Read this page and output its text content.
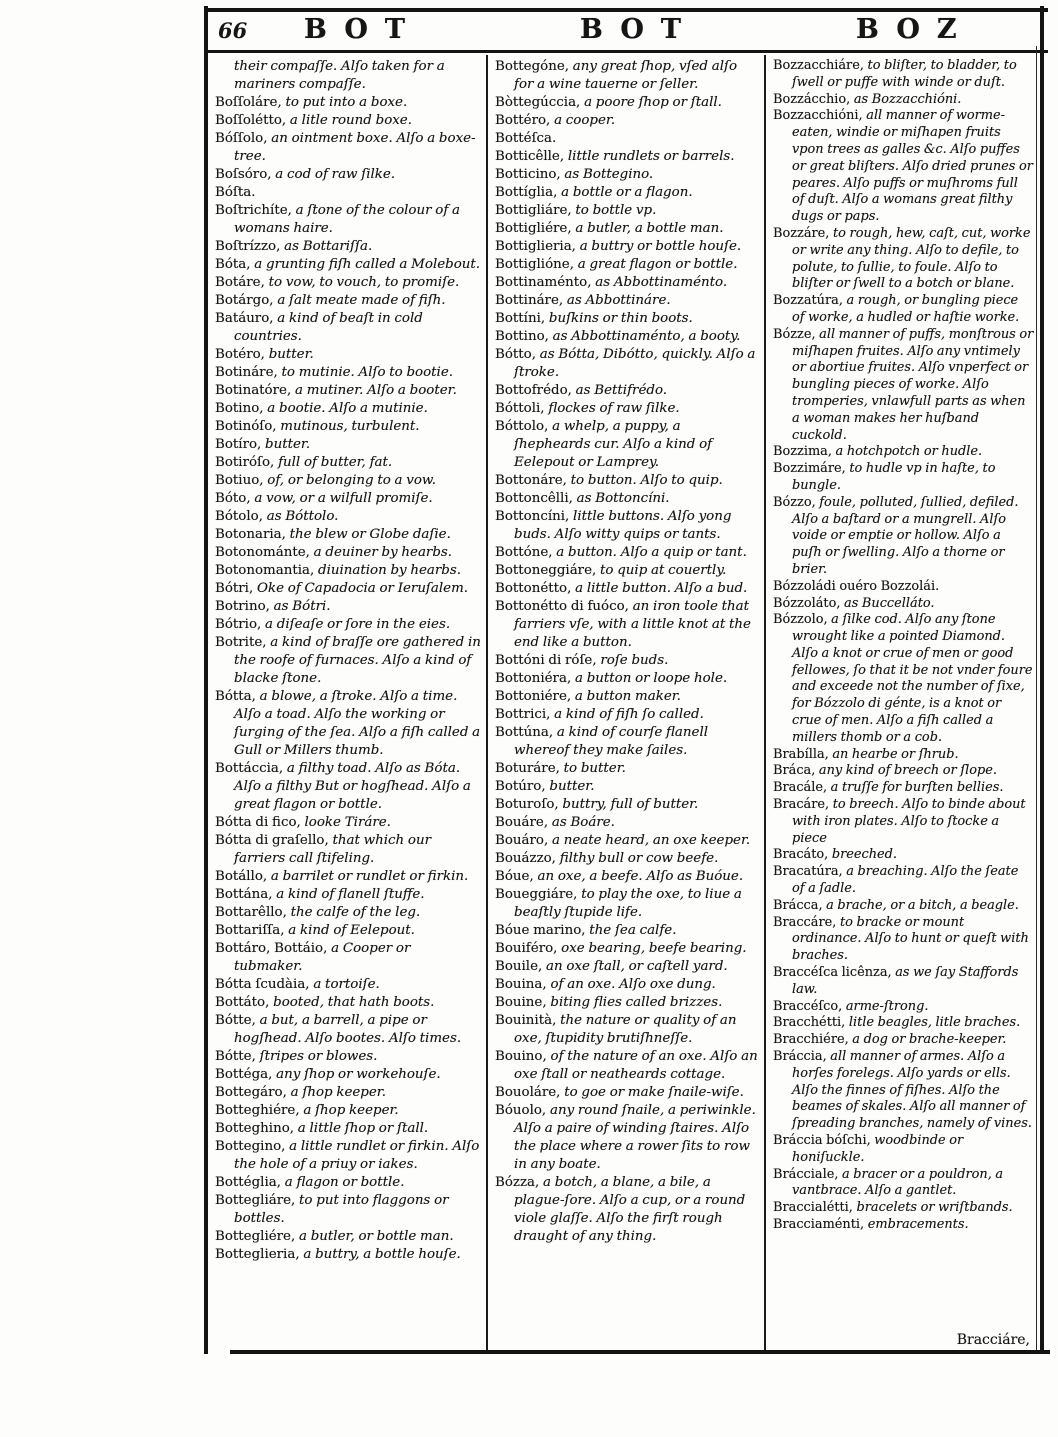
66 BOT	BOT	BOZ

their compaſſe. Alſo taken for a mariners compaſſe.

Boſſoláre, to put into a boxe.

Boſſolétto, a litle round boxe.

Bóſſolo, an ointment boxe. Alſo a boxe-tree.

Boſsóro, a cod of raw ſilke.

Bóſta.

Boſtrichíte, a ſtone of the colour of a womans haire.

Boſtrízzo, as Bottariſſa.

Bóta, a grunting fiſh called a Molebout.

Botáre, to vow, to vouch, to promiſe.

Botárgo, a ſalt meate made of fiſh.

Batáuro, a kind of beaſt in cold countries.

Botéro, butter.

Botináre, to mutinie. Alſo to bootie.

Botinatóre, a mutiner. Alſo a booter.

Botino, a bootie. Alſo a mutinie.

Botinóſo, mutinous, turbulent.

Botíro, butter.

Botiróſo, full of butter, fat.

Botiuo, of, or belonging to a vow.

Bóto, a vow, or a wilfull promiſe.

Bótolo, as Bóttolo.

Botonaria, the blew or Globe daſie.

Botonománte, a deuiner by hearbs.

Botonomantia, diuination by hearbs.

Bótri, Oke of Capadocia or Ieruſalem.

Botrino, as Bótri.

Bótrio, a diſeaſe or ſore in the eies.

Botrite, a kind of braſſe ore gathered in the roofe of furnaces. Alſo a kind of blacke ſtone.

Bótta, a blowe, a ſtroke. Alſo a time. Alſo a toad. Alſo the working or ſurging of the ſea. Alſo a fiſh called a Gull or Millers thumb.

Bottáccia, a filthy toad. Alſo as Bóta. Alſo a filthy But or hogſhead. Alſo a great flagon or bottle.

Bótta di fico, looke Tiráre.

Bótta di graſello, that which our farriers call ſtifeling.

Botállo, a barrilet or rundlet or firkin.

Bottána, a kind of flanell ſtuffe.

Bottarêllo, the calfe of the leg.

Bottariſſa, a kind of Eelepout.

Bottáro, Bottáio, a Cooper or tubmaker.

Bótta ſcudàia, a tortoiſe.

Bottáto, booted, that hath boots.

Bótte, a but, a barrell, a pipe or hogſhead. Alſo bootes. Alſo times.

Bótte, ſtripes or blowes.

Bottéga, any ſhop or workehouſe.

Bottegáro, a ſhop keeper.

Botteghiére, a ſhop keeper.

Botteghino, a little ſhop or ſtall.

Bottegino, a little rundlet or firkin. Alſo the hole of a priuy or iakes.

Bottéglia, a flagon or bottle.

Bottegliáre, to put into flaggons or bottles.

Bottegliére, a butler, or bottle man.

Botteglieria, a buttry, a bottle houſe.

Bottegóne, any great ſhop, vſed alſo for a wine tauerne or ſeller.

Bòttegúccia, a poore ſhop or ſtall.

Bottéro, a cooper.

Bottéſca.

Botticêlle, little rundlets or barrels.

Botticino, as Bottegino.

Bottíglia, a bottle or a flagon.

Bottigliáre, to bottle vp.

Bottigliére, a butler, a bottle man.

Bottiglieria, a buttry or bottle houſe.

Bottiglióne, a great flagon or bottle.

Bottinaménto, as Abbottinaménto.

Bottináre, as Abbottináre.

Bottíni, buſkins or thin boots.

Bottino, as Abbottinaménto, a booty.

Bótto, as Bótta, Dibótto, quickly. Alſo a ſtroke.

Bottofrédo, as Bettifrédo.

Bóttoli, flockes of raw ſilke.

Bóttolo, a whelp, a puppy, a ſhepheards cur. Alſo a kind of Eelepout or Lamprey.

Bottonáre, to button. Alſo to quip.

Bottoncêlli, as Bottoncíni.

Bottoncíni, little buttons. Alſo yong buds. Alſo witty quips or tants.

Bottóne, a button. Alſo a quip or tant.

Bottoneggiáre, to quip at couertly.

Bottonétto, a little button. Alſo a bud.

Bottonétto di fuóco, an iron toole that farriers vſe, with a little knot at the end like a button.

Bottóni di róſe, roſe buds.

Bottoniéra, a button or loope hole.

Bottoniére, a button maker.

Bottrici, a kind of fiſh ſo called.

Bottúna, a kind of courſe flanell whereof they make ſailes.

Boturáre, to butter.

Botúro, butter.

Boturoſo, buttry, full of butter.

Bouáre, as Boáre.

Bouáro, a neate heard, an oxe keeper.

Bouázzo, filthy bull or cow beefe.

Bóue, an oxe, a beefe. Alſo as Buóue.

Boueggiáre, to play the oxe, to liue a beaſtly ſtupide life.

Bóue marino, the ſea calfe.

Bouiféro, oxe bearing, beefe bearing.

Bouile, an oxe ſtall, or caſtell yard.

Bouina, of an oxe. Alſo oxe dung.

Bouine, biting flies called brizzes.

Bouinità, the nature or quality of an oxe, ſtupidity brutiſhneſſe.

Bouino, of the nature of an oxe. Alſo an oxe ſtall or neatheards cottage.

Bouoláre, to goe or make ſnaile-wiſe.

Bóuolo, any round ſnaile, a periwinkle. Alſo a paire of winding ſtaires. Alſo the place where a rower ſits to row in any boate.

Bózza, a botch, a blane, a bile, a plague-ſore. Alſo a cup, or a round viole glaſſe. Alſo the firſt rough draught of any thing.

Bozzacchiáre, to bliſter, to bladder, to ſwell or puffe with winde or duſt.

Bozzácchio, as Bozzacchióni.

Bozzacchióni, all manner of worme-eaten, windie or miſhapen fruits vpon trees as galles &c. Alſo puffes or great bliſters. Alſo dried prunes or peares. Alſo puffs or muſhroms full of duſt. Alſo a womans great filthy dugs or paps.

Bozzáre, to rough, hew, caſt, cut, worke or write any thing. Alſo to defile, to polute, to ſullie, to foule. Alſo to bliſter or ſwell to a botch or blane.

Bozzatúra, a rough, or bungling piece of worke, a hudled or haſtie worke.

Bózze, all manner of puffs, monſtrous or miſhapen fruites. Alſo any vntimely or abortiue fruites. Alſo vnperfect or bungling pieces of worke. Alſo tromperies, vnlawfull parts as when a woman makes her huſband cuckold.

Bozzima, a hotchpotch or hudle.

Bozzimáre, to hudle vp in haſte, to bungle.

Bózzo, foule, polluted, ſullied, defiled. Alſo a baſtard or a mungrell. Alſo voide or emptie or hollow. Alſo a puſh or ſwelling. Alſo a thorne or brier.

Bózzoládi ouéro Bozzolái.

Bózzoláto, as Buccelláto.

Bózzolo, a ſilke cod. Alſo any ſtone wrought like a pointed Diamond. Alſo a knot or crue of men or good fellowes, ſo that it be not vnder foure and exceede not the number of ſixe, for Bózzolo di génte, is a knot or crue of men. Alſo a fiſh called a millers thomb or a cob.

Brabílla, an hearbe or ſhrub.

Bráca, any kind of breech or ſlope.

Bracále, a truſſe for burſten bellies.

Bracáre, to breech. Alſo to binde about with iron plates. Alſo to ſtocke a piece

Bracáto, breeched.

Bracatúra, a breaching. Alſo the ſeate of a ſadle.

Brácca, a brache, or a bitch, a beagle.

Braccáre, to bracke or mount ordinance. Alſo to hunt or queſt with braches.

Braccéſca licênza, as we ſay Staffords law.

Braccéſco, arme-ſtrong.

Bracchétti, litle beagles, litle braches.

Bracchiére, a dog or brache-keeper.

Bráccia, all manner of armes. Alſo a horſes forelegs. Alſo yards or ells. Alſo the finnes of fiſhes. Alſo the beames of skales. Alſo all manner of ſpreading branches, namely of vines.

Bráccia bóſchi, woodbinde or honiſuckle.

Brácciale, a bracer or a pouldron, a vantbrace. Alſo a gantlet.

Braccialétti, bracelets or wriſtbands.

Bracciaménti, embracements.

Bracciáre,
